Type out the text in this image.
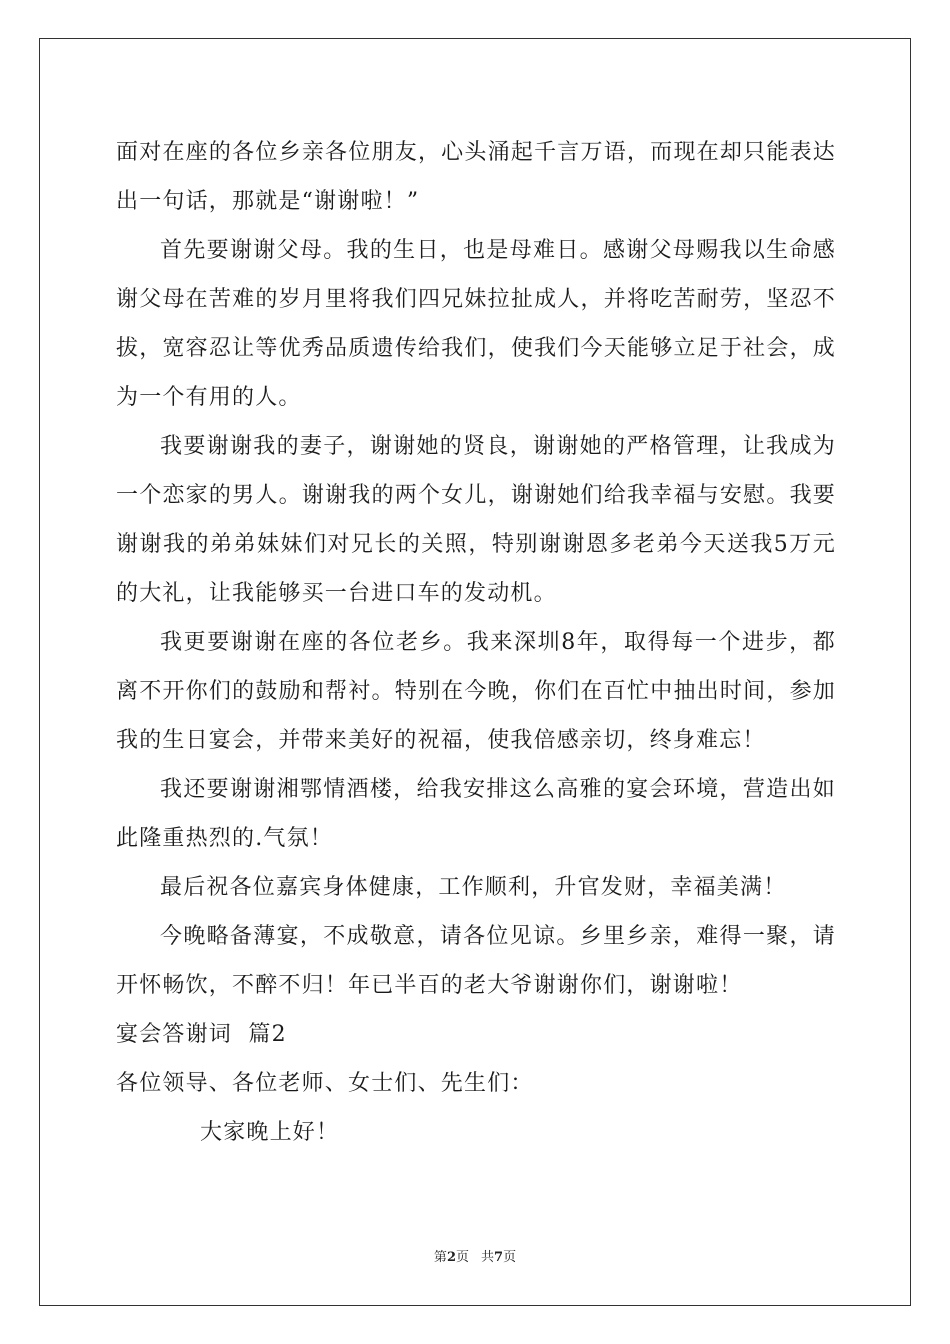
面对在座的各位乡亲各位朋友，心头涌起千言万语，而现在却只能表达出一句话，那就是“谢谢啦！”

首先要谢谢父母。我的生日，也是母难日。感谢父母赐我以生命感谢父母在苦难的岁月里将我们四兄妹拉扯成人，并将吃苦耐劳，坚忍不拔，宽容忍让等优秀品质遗传给我们，使我们今天能够立足于社会，成为一个有用的人。

我要谢谢我的妻子，谢谢她的贤良，谢谢她的严格管理，让我成为一个恋家的男人。谢谢我的两个女儿，谢谢她们给我幸福与安慰。我要谢谢我的弟弟妹妹们对兄长的关照，特别谢谢恩多老弟今天送我5万元的大礼，让我能够买一台进口车的发动机。

我更要谢谢在座的各位老乡。我来深圳8年，取得每一个进步，都离不开你们的鼓励和帮衬。特别在今晚，你们在百忙中抽出时间，参加我的生日宴会，并带来美好的祝福，使我倍感亲切，终身难忘！

我还要谢谢湘鄂情酒楼，给我安排这么高雅的宴会环境，营造出如此隆重热烈的.气氛！

最后祝各位嘉宾身体健康，工作顺利，升官发财，幸福美满！

今晚略备薄宴，不成敬意，请各位见谅。乡里乡亲，难得一聚，请开怀畅饮，不醉不归！年已半百的老大爷谢谢你们，谢谢啦！

宴会答谢词  篇2

各位领导、各位老师、女士们、先生们：

大家晚上好！

第2页 共7页
